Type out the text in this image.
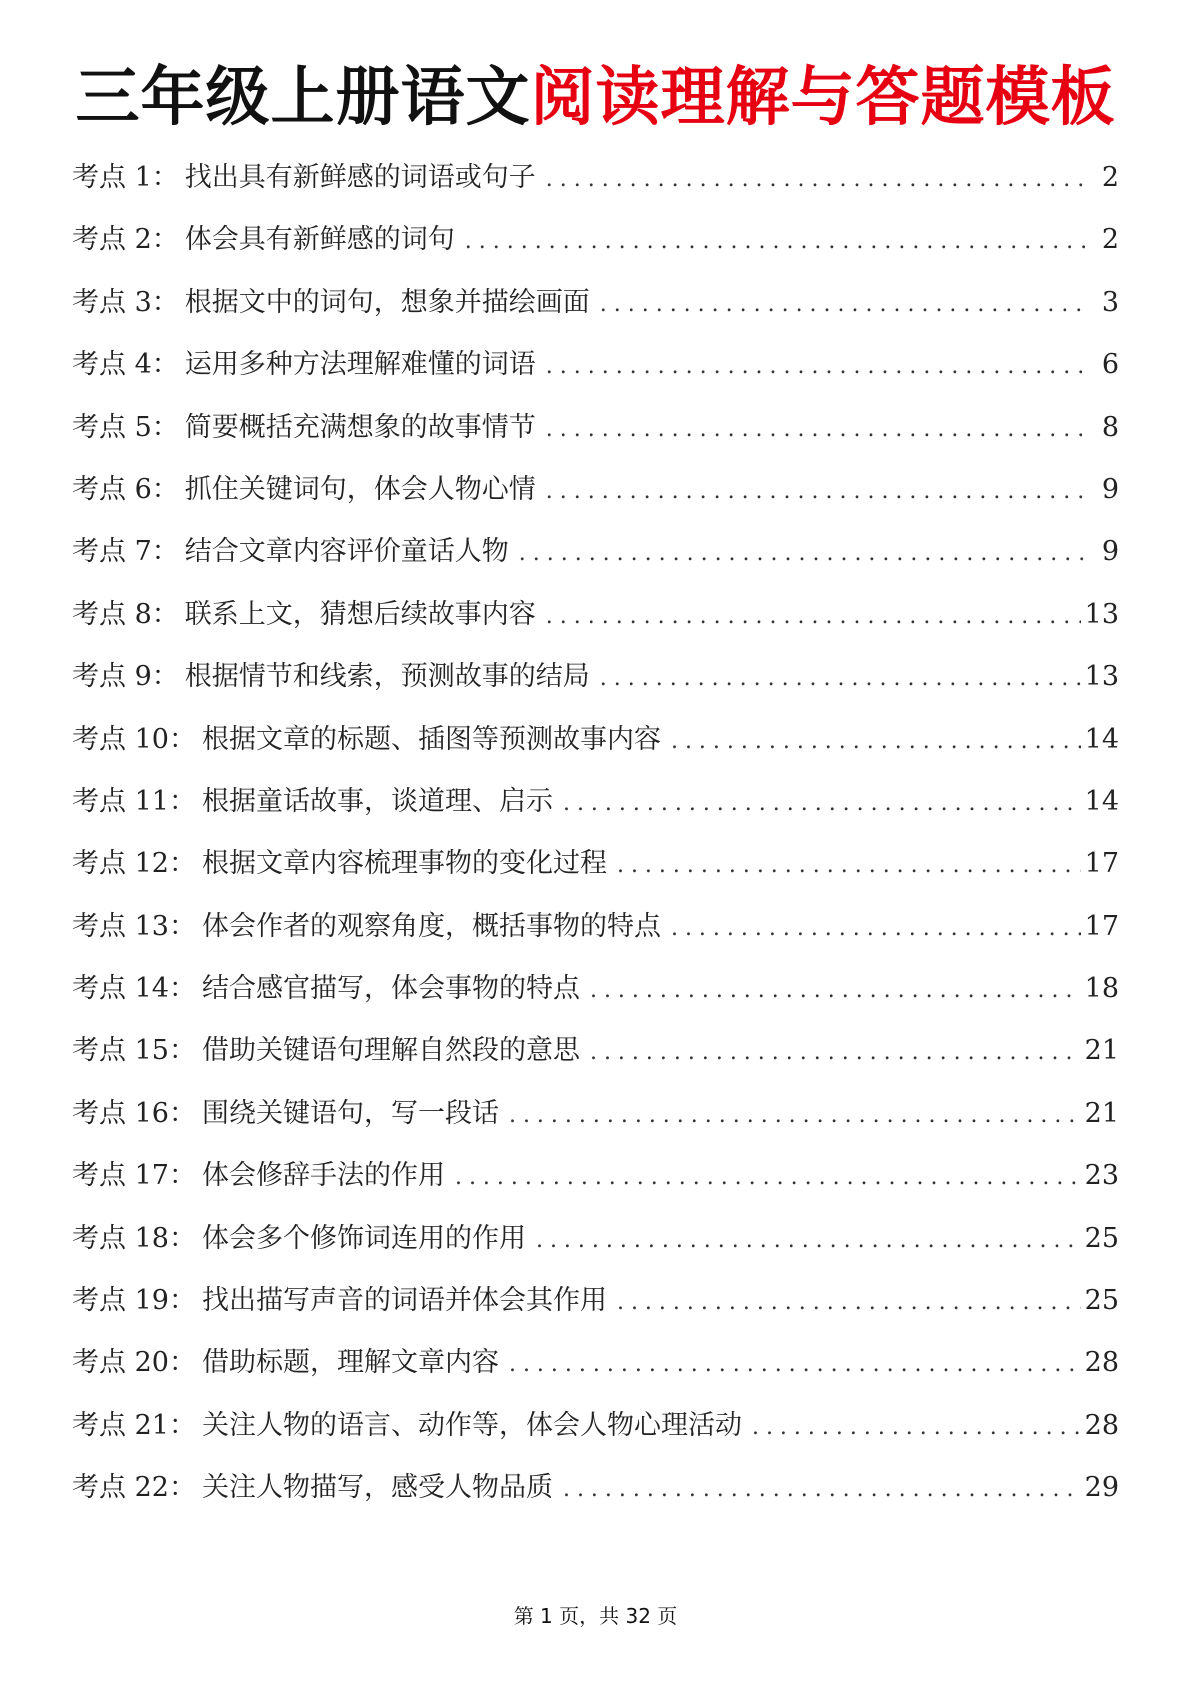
三年级上册语文阅读理解与答题模板
考点 1 ： 找出具有新鲜感的词语或句子 . . .	2
考点 2 ： 体会具有新鲜感的词句 . . .	2
考点 3 ： 根据文中的词句，想象并描绘画面 . . .	3
考点 4 ： 运用多种方法理解难懂的词语 . . .	6
考点 5 ： 简要概括充满想象的故事情节 . . .	8
考点 6 ： 抓住关键词句，体会人物心情 . . .	9
考点 7 ： 结合文章内容评价童话人物 . . .	9
考点 8 ： 联系上文，猜想后续故事内容 . . .	13
考点 9 ： 根据情节和线索，预测故事的结局 . . .	13
考点 10 ： 根据文章的标题、插图等预测故事内容 . . .	14
考点 11 ： 根据童话故事，谈道理、启示 . . .	14
考点 12 ： 根据文章内容梳理事物的变化过程 . . .	17
考点 13 ： 体会作者的观察角度，概括事物的特点 . . .	17
考点 14 ： 结合感官描写，体会事物的特点 . . .	18
考点 15 ： 借助关键语句理解自然段的意思 . . .	21
考点 16 ： 围绕关键语句，写一段话 . . .	21
考点 17 ： 体会修辞手法的作用 . . .	23
考点 18 ： 体会多个修饰词连用的作用 . . .	25
考点 19 ： 找出描写声音的词语并体会其作用 . . .	25
考点 20 ： 借助标题，理解文章内容 . . .	28
考点 21 ： 关注人物的语言、动作等，体会人物心理活动 . . .	28
考点 22 ： 关注人物描写，感受人物品质 . . .	29
第 1 页，共 32 页
